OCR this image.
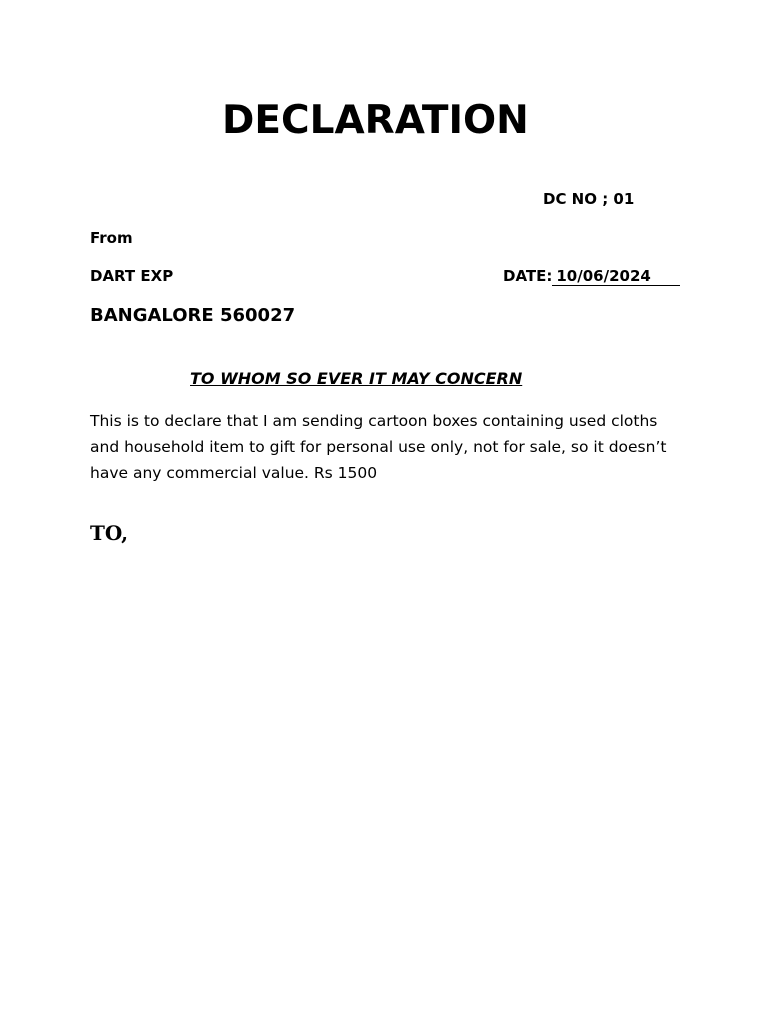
DECLARATION
DC NO ; 01
From
DART EXP	DATE: 10/06/2024
BANGALORE 560027
TO WHOM SO EVER IT MAY CONCERN
This is to declare that I am sending cartoon boxes containing used cloths and household item to gift for personal use only, not for sale, so it doesn’t have any commercial value. Rs 1500
TO,
